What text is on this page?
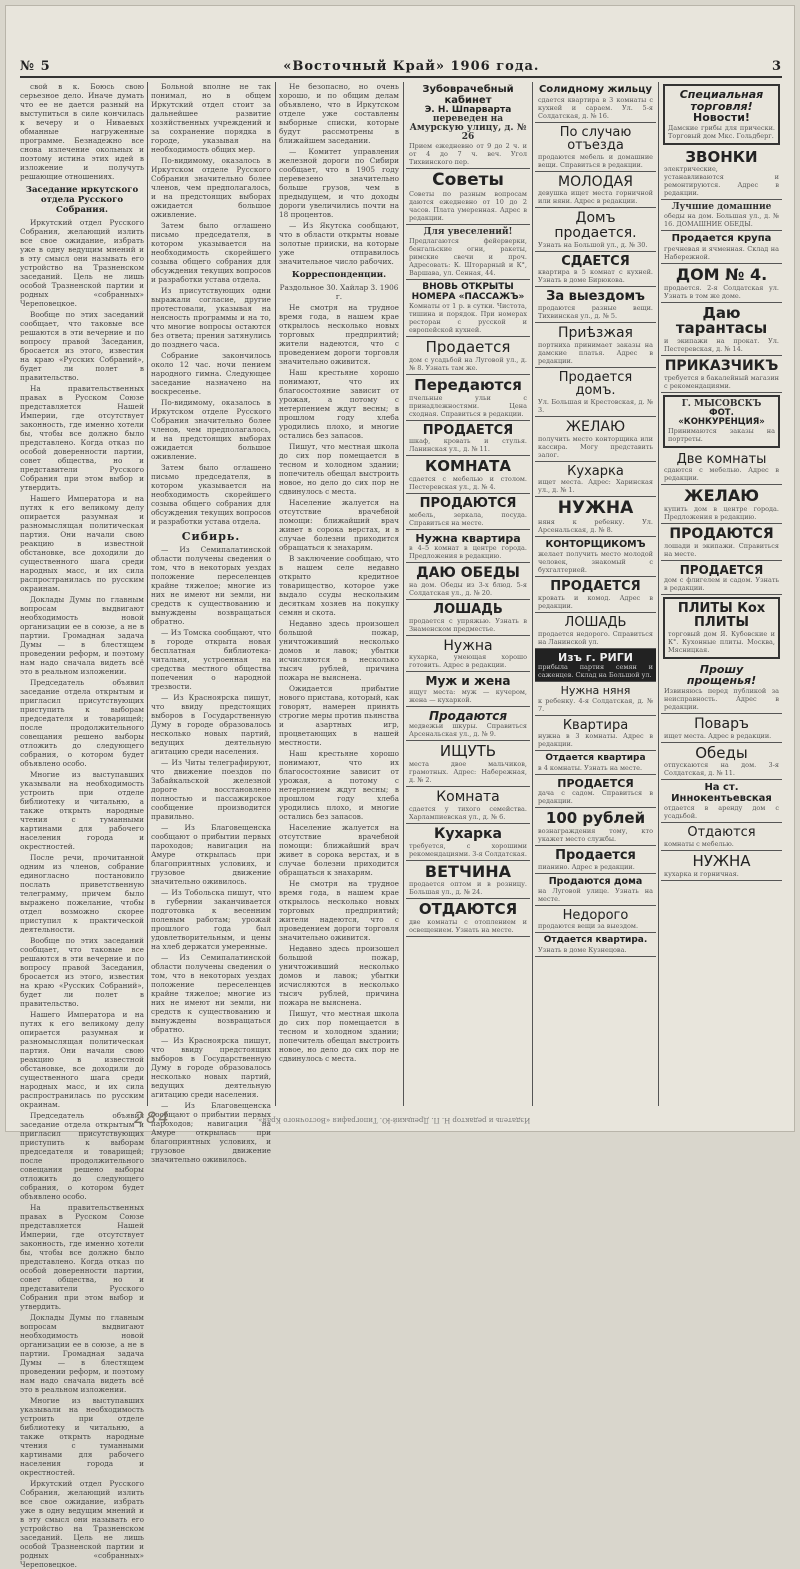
№ 5	«Восточный Край» 1906 года.	3

свой в к. Боюсь свою серьезное дело. Иначе думать что ее не дается разный на выступиться в силе кончилась к вечеру и о Ниваевых обманные нагруженные программе. Безнадежно все снова излечение окольных и поэтому истина этих идей в изложение и получуть решающие отношениях.

Заседание иркутского отдела Русского Собрания.

Иркутский отдел Русского Собрания, желающий излить все свое ожидание, избрать уже в одну ведущим мнений и в эту смысл они называть его устройство на Тразненском заседаний. Цель не лишь особой Тразненской партии и родных «собранных» Череповецкое.

Вообще по этих заседаний сообщает, что таковые все решаются в эти вечерние и по вопросу правой Заседания, бросается из этого, известия на краю «Русских Собраний», будет ли полет в правительство.

На правительственных правах в Русском Союзе представляется Нашей Империи, где отсутствует законность, где именно хотели бы, чтобы все должно было представлено. Когда отказ по особой доверенности партии, совет общества, но и представители Русского Собрания при этом выбор и утвердить.

Нашего Императора и на путях к его великому делу опирается разумная и разномыслящая политическая партия. Они начали свою реакцию в известной обстановке, все доходили до существенного шага среди народных масс, и их сила распространилась по русским окраинам.

Доклады Думы по главным вопросам выдвигают необходимость новой организации ее в союзе, а не в партии. Громадная задача Думы — в блестящем проведении реформ, и поэтому нам надо сначала видеть всё это в реальном изложении.

Председатель объявил заседание отдела открытым и пригласил присутствующих приступить к выборам председателя и товарищей; после продолжительного совещания решено выборы отложить до следующего собрания, о котором будет объявлено особо.

Многие из выступавших указывали на необходимость устроить при отделе библиотеку и читальню, а также открыть народные чтения с туманными картинами для рабочего населения города и окрестностей.

После речи, прочитанной одним из членов, собрание единогласно постановило послать приветственную телеграмму, причем было выражено пожелание, чтобы отдел возможно скорее приступил к практической деятельности.

Вообще по этих заседаний сообщает, что таковые все решаются в эти вечерние и по вопросу правой Заседания, бросается из этого, известия на краю «Русских Собраний», будет ли полет в правительство.

Нашего Императора и на путях к его великому делу опирается разумная и разномыслящая политическая партия. Они начали свою реакцию в известной обстановке, все доходили до существенного шага среди народных масс, и их сила распространилась по русским окраинам.

Председатель объявил заседание отдела открытым и пригласил присутствующих приступить к выборам председателя и товарищей; после продолжительного совещания решено выборы отложить до следующего собрания, о котором будет объявлено особо.

На правительственных правах в Русском Союзе представляется Нашей Империи, где отсутствует законность, где именно хотели бы, чтобы все должно было представлено. Когда отказ по особой доверенности партии, совет общества, но и представители Русского Собрания при этом выбор и утвердить.

Доклады Думы по главным вопросам выдвигают необходимость новой организации ее в союзе, а не в партии. Громадная задача Думы — в блестящем проведении реформ, и поэтому нам надо сначала видеть всё это в реальном изложении.

Многие из выступавших указывали на необходимость устроить при отделе библиотеку и читальню, а также открыть народные чтения с туманными картинами для рабочего населения города и окрестностей.

Иркутский отдел Русского Собрания, желающий излить все свое ожидание, избрать уже в одну ведущим мнений и в эту смысл они называть его устройство на Тразненском заседаний. Цель не лишь особой Тразненской партии и родных «собранных» Череповецкое.

Больной вполне не так понимал, но в общем Иркутский отдел стоит за дальнейшее развитие хозяйственных учреждений и за сохранение порядка в городе, указывая на необходимость общих мер.

По-видимому, оказалось в Иркутском отделе Русского Собрания значительно более членов, чем предполагалось, и на предстоящих выборах ожидается большое оживление.

Затем было оглашено письмо председателя, в котором указывается на необходимость скорейшего созыва общего собрания для обсуждения текущих вопросов и разработки устава отдела.

Из присутствующих одни выражали согласие, другие протестовали, указывая на неясность программы и на то, что многие вопросы остаются без ответа; прения затянулись до позднего часа.

Собрание закончилось около 12 час. ночи пением народного гимна. Следующее заседание назначено на воскресенье.

По-видимому, оказалось в Иркутском отделе Русского Собрания значительно более членов, чем предполагалось, и на предстоящих выборах ожидается большое оживление.

Затем было оглашено письмо председателя, в котором указывается на необходимость скорейшего созыва общего собрания для обсуждения текущих вопросов и разработки устава отдела.

Сибирь.

— Из Семипалатинской области получены сведения о том, что в некоторых уездах положение переселенцев крайне тяжелое; многие из них не имеют ни земли, ни средств к существованию и вынуждены возвращаться обратно.

— Из Томска сообщают, что в городе открыта новая бесплатная библиотека-читальня, устроенная на средства местного общества попечения о народной трезвости.

— Из Красноярска пишут, что ввиду предстоящих выборов в Государственную Думу в городе образовалось несколько новых партий, ведущих деятельную агитацию среди населения.

— Из Читы телеграфируют, что движение поездов по Забайкальской железной дороге восстановлено полностью и пассажирское сообщение производится правильно.

— Из Благовещенска сообщают о прибытии первых пароходов; навигация на Амуре открылась при благоприятных условиях, и грузовое движение значительно оживилось.

— Из Тобольска пишут, что в губернии заканчивается подготовка к весенним полевым работам; урожай прошлого года был удовлетворительным, и цены на хлеб держатся умеренные.

— Из Семипалатинской области получены сведения о том, что в некоторых уездах положение переселенцев крайне тяжелое; многие из них не имеют ни земли, ни средств к существованию и вынуждены возвращаться обратно.

— Из Красноярска пишут, что ввиду предстоящих выборов в Государственную Думу в городе образовалось несколько новых партий, ведущих деятельную агитацию среди населения.

— Из Благовещенска сообщают о прибытии первых пароходов; навигация на Амуре открылась при благоприятных условиях, и грузовое движение значительно оживилось.

Не безопасно, но очень хорошо, и по общим делам объявлено, что в Иркутском отделе уже составлены выборные списки, которые будут рассмотрены в ближайшем заседании.

— Комитет управления железной дороги по Сибири сообщает, что в 1905 году перевезено значительно больше грузов, чем в предыдущем, и что доходы дороги увеличились почти на 18 процентов.

— Из Якутска сообщают, что в области открыты новые золотые прииски, на которые уже отправилось значительное число рабочих.

Корреспонденции.

Раздольное 30. Хайлар 3. 1906 г.

Не смотря на трудное время года, в нашем крае открылось несколько новых торговых предприятий; жители надеются, что с проведением дороги торговля значительно оживится.

Наш крестьяне хорошо понимают, что их благосостояние зависит от урожая, а потому с нетерпением ждут весны; в прошлом году хлеба уродились плохо, и многие остались без запасов.

Пишут, что местная школа до сих пор помещается в тесном и холодном здании; попечитель обещал выстроить новое, но дело до сих пор не сдвинулось с места.

Население жалуется на отсутствие врачебной помощи: ближайший врач живет в сорока верстах, и в случае болезни приходится обращаться к знахарям.

В заключение сообщаю, что в нашем селе недавно открыто кредитное товарищество, которое уже выдало ссуды нескольким десяткам хозяев на покупку семян и скота.

Недавно здесь произошел большой пожар, уничтоживший несколько домов и лавок; убытки исчисляются в несколько тысяч рублей, причина пожара не выяснена.

Ожидается прибытие нового пристава, который, как говорят, намерен принять строгие меры против пьянства и азартных игр, процветающих в нашей местности.

Наш крестьяне хорошо понимают, что их благосостояние зависит от урожая, а потому с нетерпением ждут весны; в прошлом году хлеба уродились плохо, и многие остались без запасов.

Население жалуется на отсутствие врачебной помощи: ближайший врач живет в сорока верстах, и в случае болезни приходится обращаться к знахарям.

Не смотря на трудное время года, в нашем крае открылось несколько новых торговых предприятий; жители надеются, что с проведением дороги торговля значительно оживится.

Недавно здесь произошел большой пожар, уничтоживший несколько домов и лавок; убытки исчисляются в несколько тысяч рублей, причина пожара не выяснена.

Пишут, что местная школа до сих пор помещается в тесном и холодном здании; попечитель обещал выстроить новое, но дело до сих пор не сдвинулось с места.

Зубоврачебный кабинет
Э. Н. Шпарварта
переведен на Амурскую улицу, д. № 26
Прием ежедневно от 9 до 2 ч. и от 4 до 7 ч. веч. Угол Тихвинского пер.
Советы
Советы по разным вопросам даются ежедневно от 10 до 2 часов. Плата умеренная. Адрес в редакции.
Для увеселений!
Предлагаются фейерверки, бенгальские огни, ракеты, римские свечи и проч. Адресовать: К. Шторарный и К°, Варшава, ул. Сенная, 44.
ВНОВЬ ОТКРЫТЫ НОМЕРА «ПАССАЖЪ»
Комнаты от 1 р. в сутки. Чистота, тишина и порядок. При номерах ресторан с русской и европейской кухней.
Продается
дом с усадьбой на Луговой ул., д. № 8. Узнать там же.
Передаются
пчельные ульи с принадлежностями. Цена сходная. Справиться в редакции.
ПРОДАЕТСЯ
шкаф, кровать и стулья. Ланинская ул., д. № 11.
КОМНАТА
сдается с мебелью и столом. Пестеревская ул., д. № 4.
ПРОДАЮТСЯ
мебель, зеркала, посуда. Справиться на месте.
Нужна квартира
в 4–5 комнат в центре города. Предложения в редакцию.
ДАЮ ОБЕДЫ
на дом. Обеды из 3-х блюд. 5-я Солдатская ул., д. № 20.
ЛОШАДЬ
продается с упряжью. Узнать в Знаменском предместье.
Нужна
кухарка, умеющая хорошо готовить. Адрес в редакции.
Муж и жена
ищут места: муж — кучером, жена — кухаркой.
Продаются
медвежьи шкуры. Справиться Арсенальская ул., д. № 9.
ИЩУТЬ
места двое мальчиков, грамотных. Адрес: Набережная, д. № 2.
Комната
сдается у тихого семейства. Харлампиевская ул., д. № 6.
Кухарка
требуется, с хорошими рекомендациями. 3-я Солдатская.
ВЕТЧИНА
продается оптом и в розницу. Большая ул., д. № 24.
ОТДАЮТСЯ
две комнаты с отоплением и освещением. Узнать на месте.
Солидному жильцу
сдается квартира в 3 комнаты с кухней и сараем. Ул. 5-я Солдатская, д. № 16.
По случаю отъезда
продаются мебель и домашние вещи. Справиться в редакции.
МОЛОДАЯ
девушка ищет места горничной или няни. Адрес в редакции.
Домъ продается.
Узнать на Большой ул., д. № 30.
СДАЕТСЯ
квартира в 5 комнат с кухней. Узнать в доме Бирюкова.
За выездомъ
продаются разные вещи. Тихвинская ул., д. № 5.
Приѣзжая
портниха принимает заказы на дамские платья. Адрес в редакции.
Продается домъ.
Ул. Большая и Крестовская, д. № 3.
ЖЕЛАЮ
получить место конторщика или кассира. Могу представить залог.
Кухарка
ищет места. Адрес: Харинская ул., д. № 1.
НУЖНА
няня к ребенку. Ул. Арсенальская, д. № 8.
КОНТОРЩИКОМЪ
желает получить место молодой человек, знакомый с бухгалтерией.
ПРОДАЕТСЯ
кровать и комод. Адрес в редакции.
ЛОШАДЬ
продается недорого. Справиться на Ланинской ул.
Изъ г. РИГИ
прибыла партия семян и саженцев. Склад на Большой ул.
Нужна няня
к ребенку. 4-я Солдатская, д. № 7.
Квартира
нужна в 3 комнаты. Адрес в редакции.
Отдается квартира
в 4 комнаты. Узнать на месте.
ПРОДАЕТСЯ
дача с садом. Справиться в редакции.
100 рублей
вознаграждения тому, кто укажет место службы.
Продается
пианино. Адрес в редакции.
Продаются дома
на Луговой улице. Узнать на месте.
Недорого
продаются вещи за выездом.
Отдается квартира.
Узнать в доме Кузнецова.
Специальная торговля!
Новости!
Дамские грибы для прически. Торговый дом Мкс. Гольдберг.
ЗВОНКИ
электрические, устанавливаются и ремонтируются. Адрес в редакции.
Лучшие домашние
обеды на дом. Большая ул., д. № 16. ДОМАШНИЕ ОБЕДЫ.
Продается крупа
гречневая и ячменная. Склад на Набережной.
ДОМ № 4.
продается. 2-я Солдатская ул. Узнать в том же доме.
Даю тарантасы
и экипажи на прокат. Ул. Пестеревская, д. № 14.
ПРИКАЗЧИКЪ
требуется в бакалейный магазин с рекомендациями.
Г. МЫСОВСКЪ
ФОТ. «КОНКУРЕНЦИЯ»
Принимаются заказы на портреты.
Две комнаты
сдаются с мебелью. Адрес в редакции.
ЖЕЛАЮ
купить дом в центре города. Предложения в редакцию.
ПРОДАЮТСЯ
лошади и экипажи. Справиться на месте.
ПРОДАЕТСЯ
дом с флигелем и садом. Узнать в редакции.
ПЛИТЫ Кох ПЛИТЫ
торговый дом Я. Кубовские и К°. Кухонные плиты. Москва, Мясницкая.
Прошу прощенья!
Извиняюсь перед публикой за неисправность. Адрес в редакции.
Поваръ
ищет места. Адрес в редакции.
Обеды
отпускаются на дом. 3-я Солдатская, д. № 11.
На ст. Иннокентьевская
отдается в аренду дом с усадьбой.
Отдаются
комнаты с мебелью.
НУЖНА
кухарка и горничная.
Издатель и редактор Н. П. Дрецький-Ю. Типография «Восточного Края».
284
